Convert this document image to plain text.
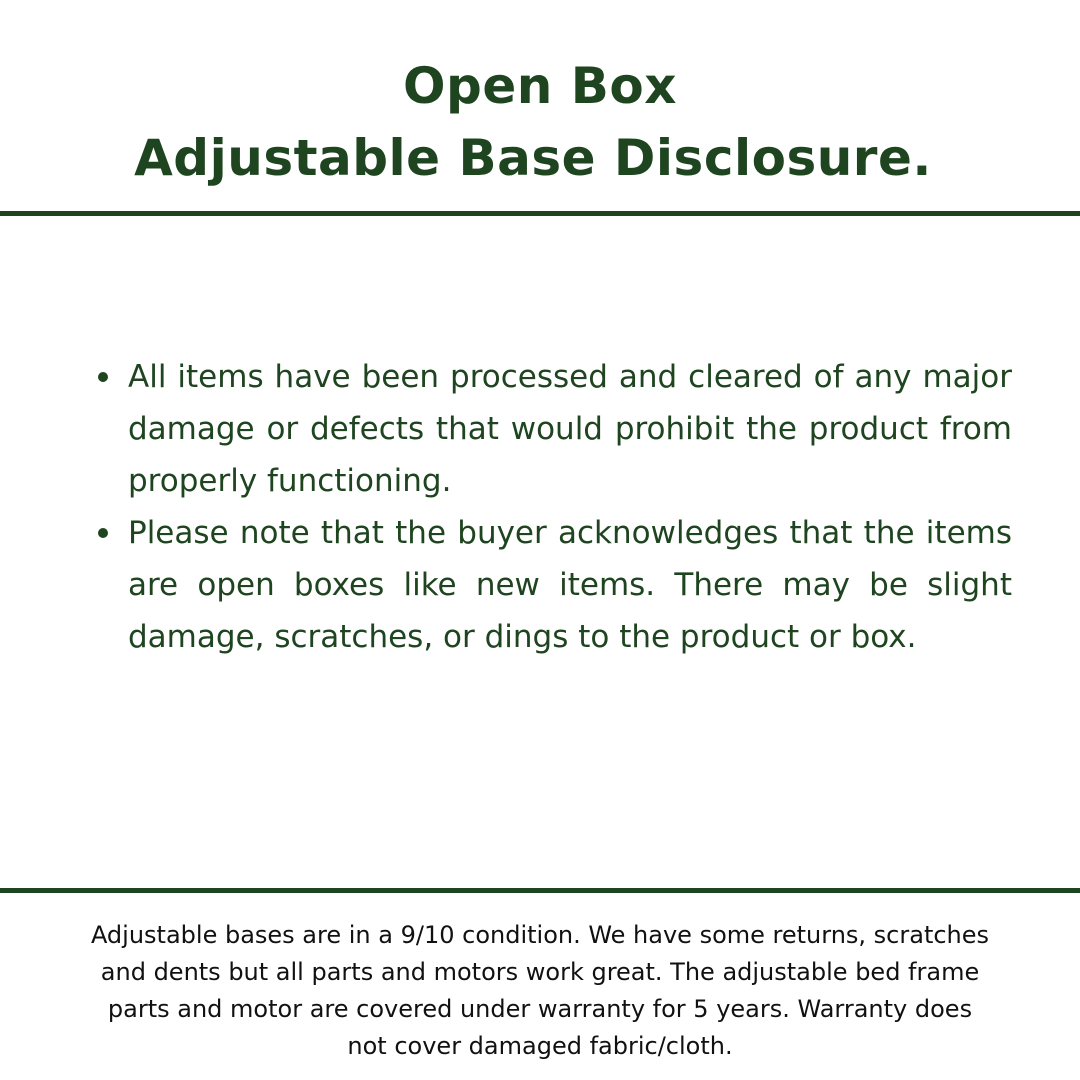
Open Box
Adjustable Base Disclosure.
All items have been processed and cleared of any major damage or defects that would prohibit the product from properly functioning.
Please note that the buyer acknowledges that the items are open boxes like new items. There may be slight damage, scratches, or dings to the product or box.

Adjustable bases are in a 9/10 condition. We have some returns, scratches and dents but all parts and motors work great. The adjustable bed frame parts and motor are covered under warranty for 5 years. Warranty does not cover damaged fabric/cloth.
